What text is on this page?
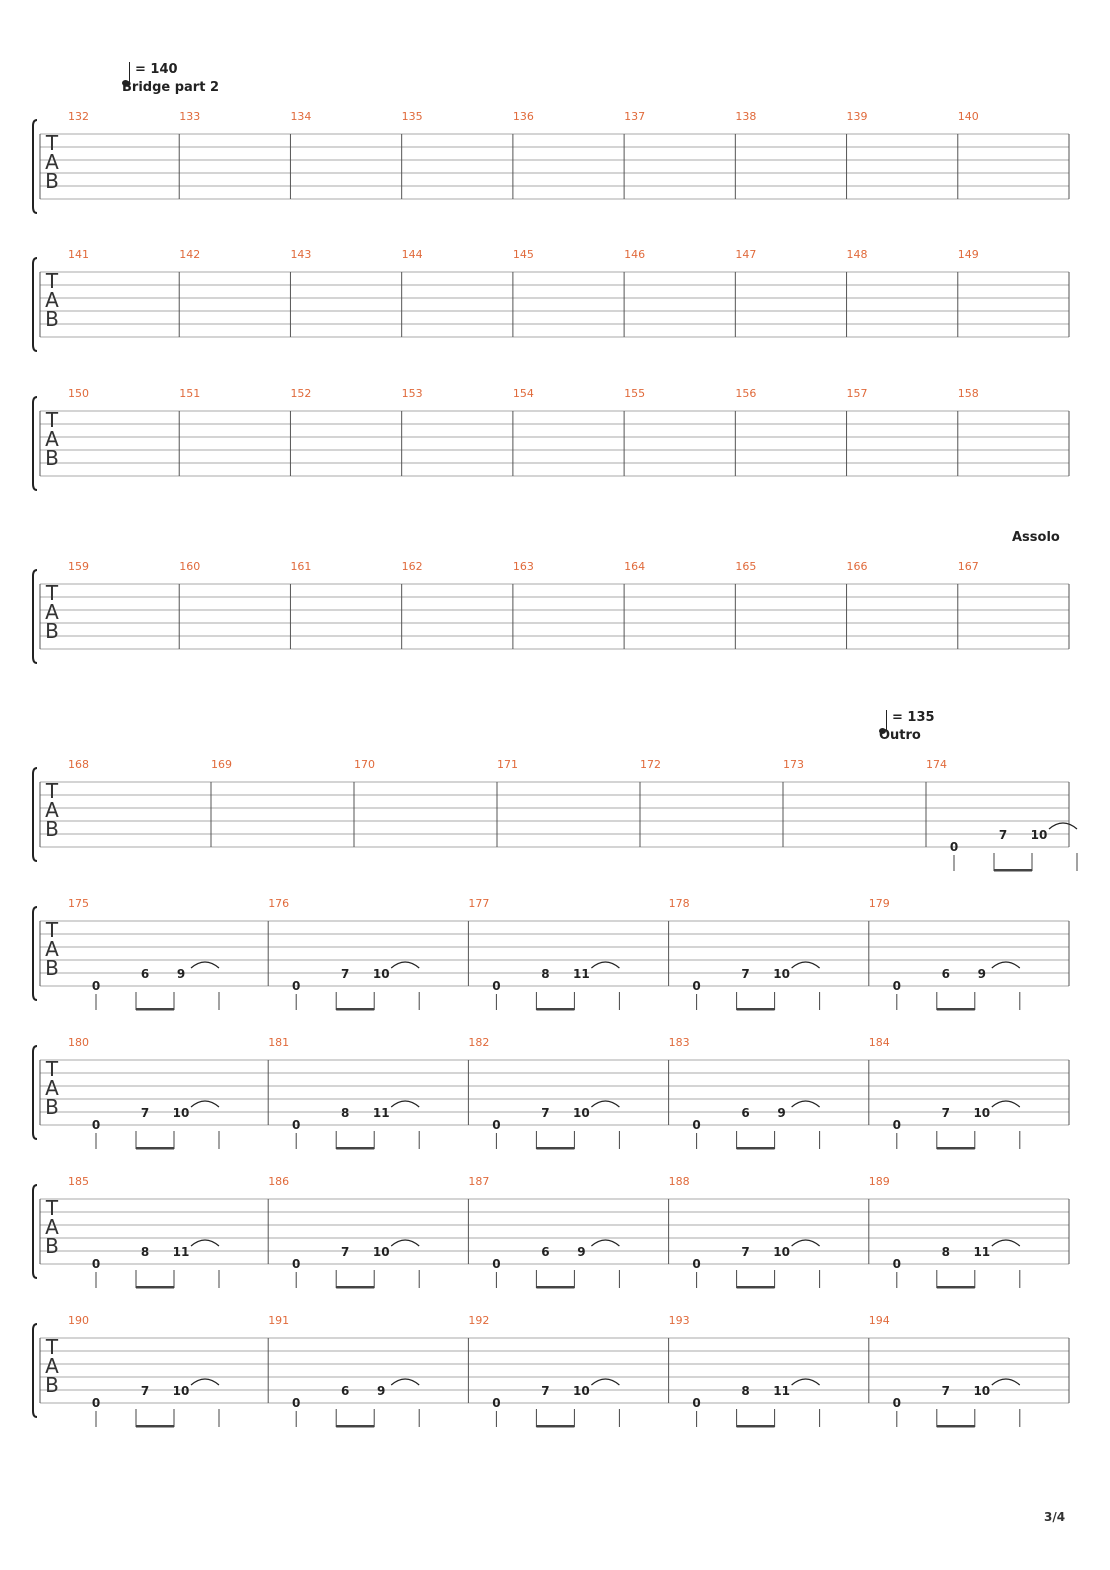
= 140
Bridge part 2
Assolo
= 135
Outro
T
A
B
132	133	134	135	136	137	138	139	140
T
A
B
141	142	143	144	145	146	147	148	149
T
A
B
150	151	152	153	154	155	156	157	158
T
A
B
159	160	161	162	163	164	165	166	167
T
A
B
168	169	170	171	172	173	174
0
7 10
T
A
B
175
0
6 9
176
0
7 10
177
0
8 11
178
0
7 10
179
0
6 9
T
A
B
180
0
7 10
181
0
8 11
182
0
7 10
183
0
6 9
184
0
7 10
T
A
B
185
0
8 11
186
0
7 10
187
0
6 9
188
0
7 10
189
0
8 11
T
A
B
190
0
7 10
191
0
6 9
192
0
7 10
193
0
8 11
194
0
7 10
3/4
